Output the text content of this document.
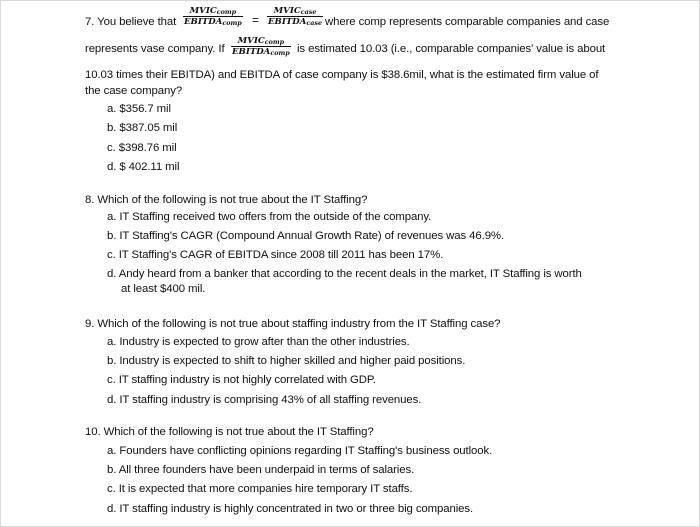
7. You believe that
$MVIC_{comp}$
$EBITDA_{comp}$ =
$MVIC_{case}$
$EBITDA_{case}$ where comp represents comparable companies and case
represents vase company. If
$MVIC_{comp}$
$EBITDA_{comp}$ is estimated 10.03 (i.e., comparable companies' value is about
10.03 times their EBITDA) and EBITDA of case company is $38.6mil, what is the estimated firm value of
the case company?
a. $356.7 mil
b. $387.05 mil
c. $398.76 mil
d. $ 402.11 mil
8. Which of the following is not true about the IT Staffing?
a. IT Staffing received two offers from the outside of the company.
b. IT Staffing's CAGR (Compound Annual Growth Rate) of revenues was 46.9%.
c. IT Staffing's CAGR of EBITDA since 2008 till 2011 has been 17%.
d. Andy heard from a banker that according to the recent deals in the market, IT Staffing is worth
at least $400 mil.
9. Which of the following is not true about staffing industry from the IT Staffing case?
a. Industry is expected to grow after than the other industries.
b. Industry is expected to shift to higher skilled and higher paid positions.
c. IT staffing industry is not highly correlated with GDP.
d. IT staffing industry is comprising 43% of all staffing revenues.
10. Which of the following is not true about the IT Staffing?
a. Founders have conflicting opinions regarding IT Staffing's business outlook.
b. All three founders have been underpaid in terms of salaries.
c. It is expected that more companies hire temporary IT staffs.
d. IT staffing industry is highly concentrated in two or three big companies.
